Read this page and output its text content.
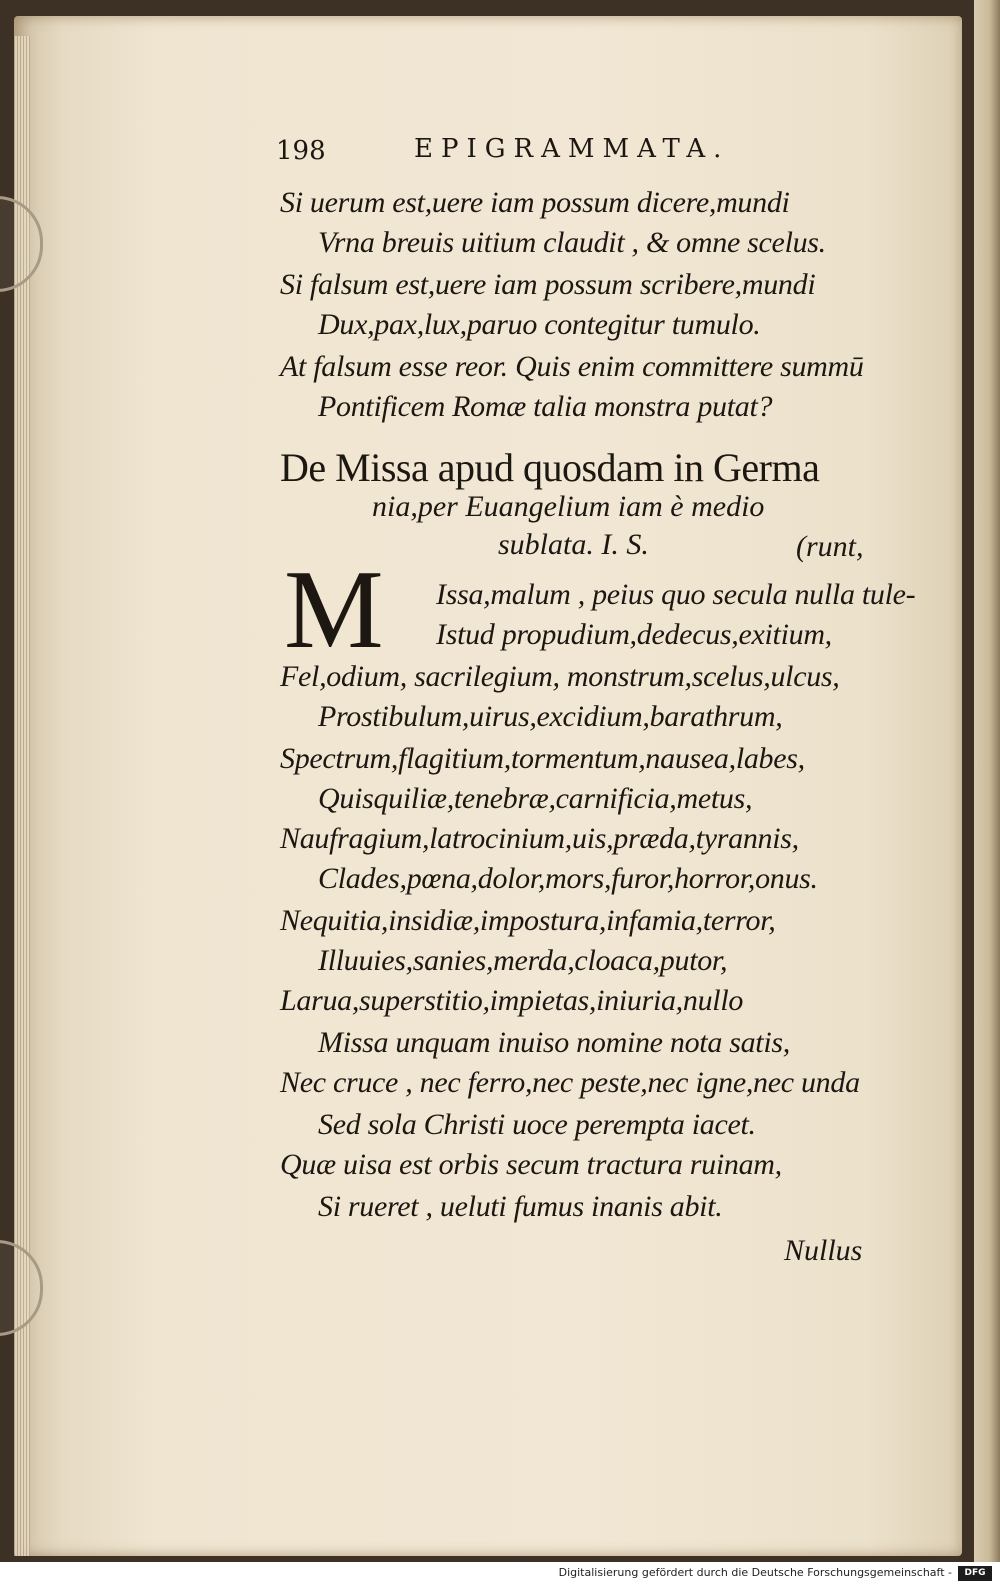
198	EPIGRAMMATA.
Si uerum est,uere iam possum dicere,mundi
Vrna breuis uitium claudit , & omne scelus.
Si falsum est,uere iam possum scribere,mundi
Dux,pax,lux,paruo contegitur tumulo.
At falsum esse reor. Quis enim committere summū
Pontificem Romæ talia monstra putat?
De Missa apud quosdam in Germa
nia,per Euangelium iam è medio
sublata. I. S.	(runt,
M Issa,malum , peius quo secula nulla tule-
Istud propudium,dedecus,exitium,
Fel,odium, sacrilegium, monstrum,scelus,ulcus,
Prostibulum,uirus,excidium,barathrum,
Spectrum,flagitium,tormentum,nausea,labes,
Quisquiliæ,tenebræ,carnificia,metus,
Naufragium,latrocinium,uis,præda,tyrannis,
Clades,pœna,dolor,mors,furor,horror,onus.
Nequitia,insidiæ,impostura,infamia,terror,
Illuuies,sanies,merda,cloaca,putor,
Larua,superstitio,impietas,iniuria,nullo
Missa unquam inuiso nomine nota satis,
Nec cruce , nec ferro,nec peste,nec igne,nec unda
Sed sola Christi uoce perempta iacet.
Quæ uisa est orbis secum tractura ruinam,
Si rueret , ueluti fumus inanis abit.
Nullus
Digitalisierung gefördert durch die Deutsche Forschungsgemeinschaft -	DFG
